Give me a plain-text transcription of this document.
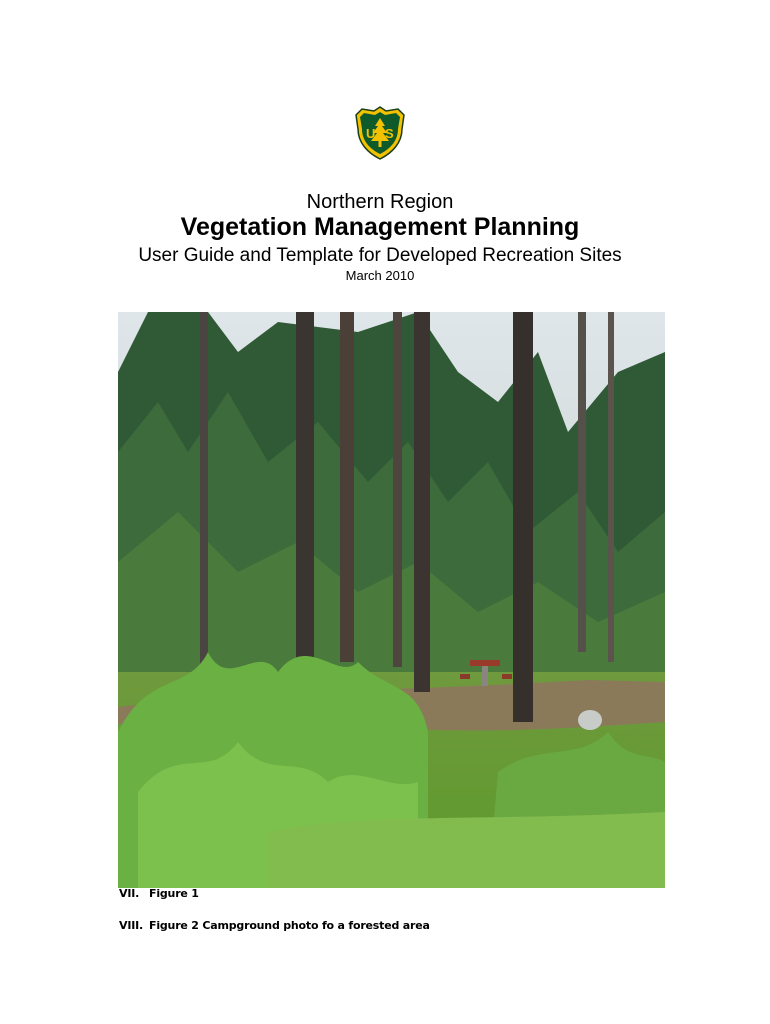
U S
Northern Region
Vegetation Management Planning
User Guide and Template for Developed Recreation Sites
March 2010
VII. Figure 1
VIII. Figure 2 Campground photo fo a forested area
